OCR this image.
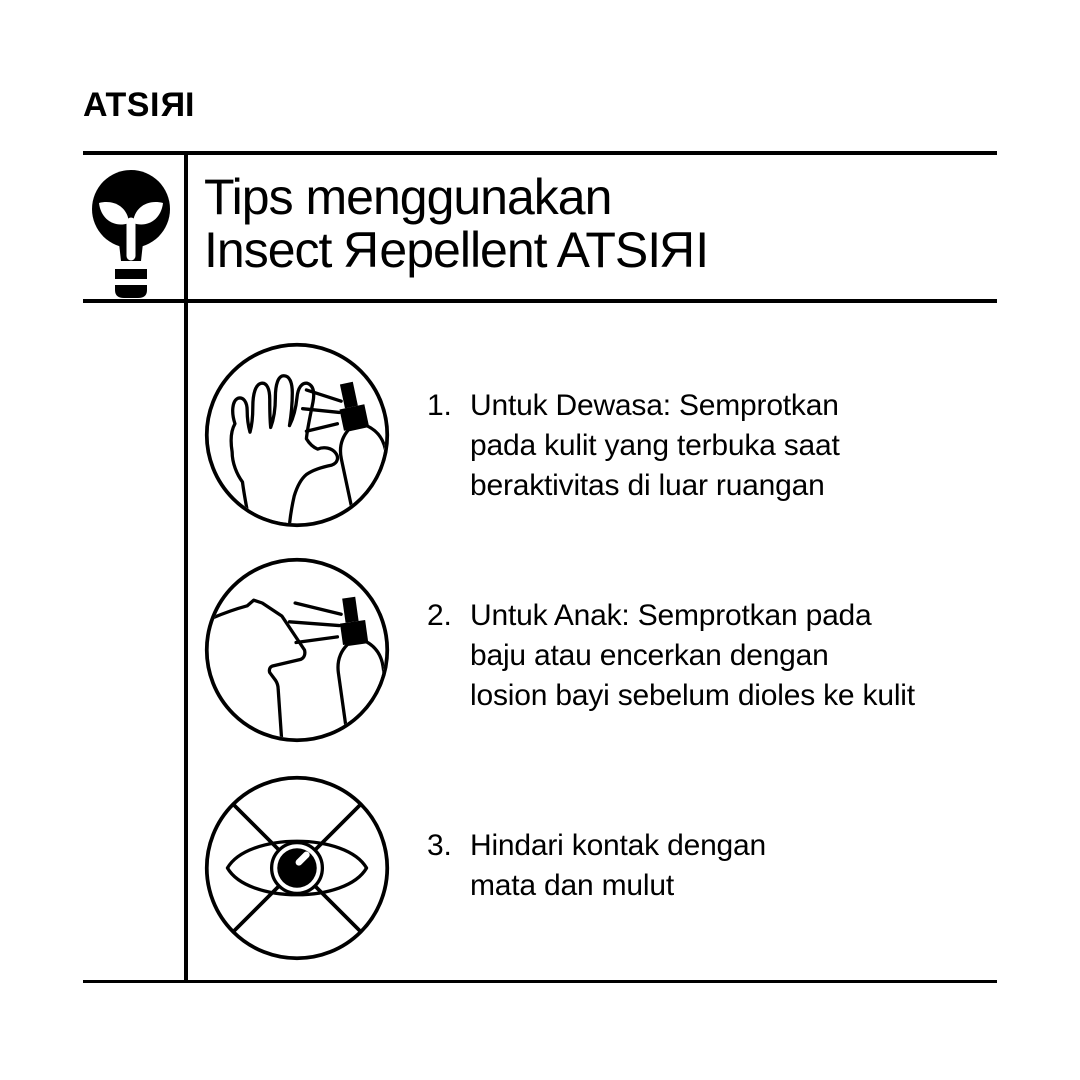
ATSIRI
Tips menggunakan
Insect Repellent ATSIRI
1. Untuk Dewasa: Semprotkan
pada kulit yang terbuka saat
beraktivitas di luar ruangan
2. Untuk Anak: Semprotkan pada
baju atau encerkan dengan
losion bayi sebelum dioles ke kulit
3. Hindari kontak dengan
mata dan mulut
